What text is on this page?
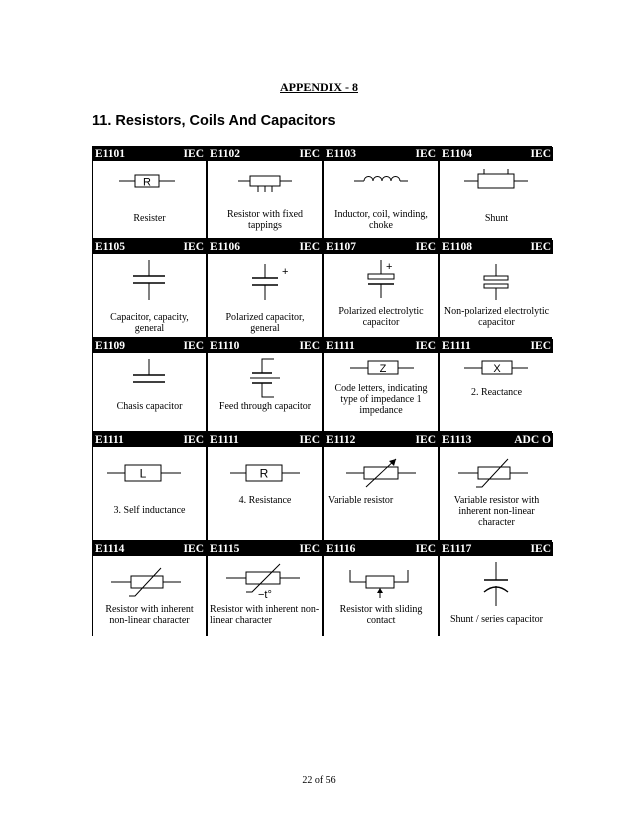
APPENDIX - 8
11. Resistors, Coils And Capacitors
E1101	IEC
R
Resister
E1102	IEC
Resistor with fixed tappings
E1103	IEC
Inductor, coil, winding, choke
E1104	IEC
Shunt
E1105	IEC
Capacitor, capacity, general
E1106	IEC
+
Polarized capacitor, general
E1107	IEC
+
Polarized electrolytic capacitor
E1108	IEC
Non-polarized electrolytic capacitor
E1109	IEC
Chasis capacitor
E1110	IEC
Feed through capacitor
E1111	IEC
Z
Code letters, indicating type of impedance 1 impedance
E1111	IEC
X
2. Reactance
E1111	IEC
L
3. Self inductance
E1111	IEC
R
4. Resistance
E1112	IEC
Variable resistor
E1113	ADC O
Variable resistor with inherent non-linear character
E1114	IEC
Resistor with inherent non-linear character
E1115	IEC
−t°
Resistor with inherent non-linear character
E1116	IEC
Resistor with sliding contact
E1117	IEC
Shunt / series capacitor
22 of 56
